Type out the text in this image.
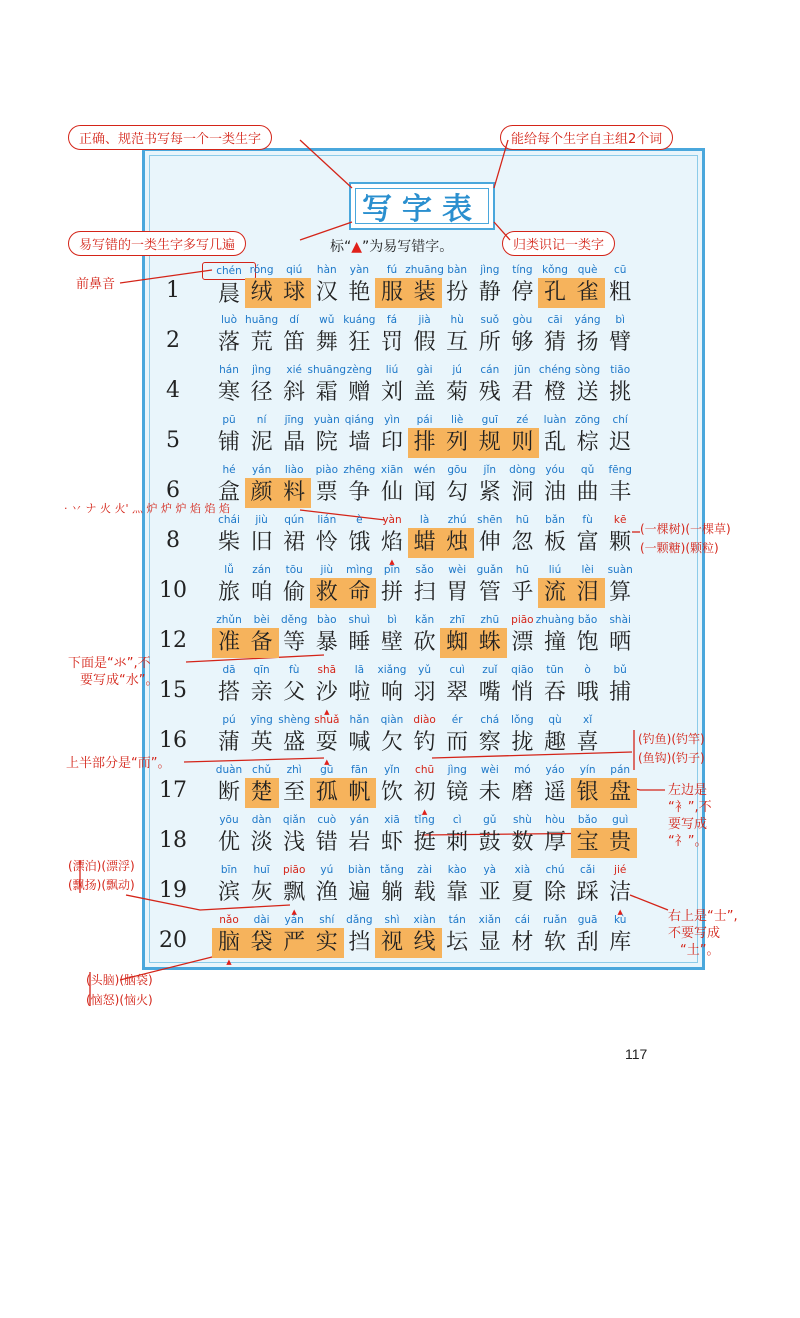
写字表
标“▲”为易写错字。
正确、规范书写每一个一类生字	能给每个生字自主组2个词
易写错的一类生字多写几遍	归类识记一类字
前鼻音
· 丷 ナ 火 火' 灬 炉 炉 炉 焰 焰 焰
(一棵树)(一棵草)
(一颗糖)(颗粒)
下面是“氺”,不
要写成“水”。
上半部分是“而”。
(钓鱼)(钓竿)
(鱼钩)(钓子)
左边是
“衤”,不
要写成
“礻”。
(漂泊)(漂浮)
(飘扬)(飘动)
右上是“士”,
不要写成
“土”。
(头脑)(脑袋)
(恼怒)(恼火)
1
chén
晨
róng
绒
qiú
球
hàn
汉
yàn
艳
fú
服
zhuāng
装
bàn
扮
jìng
静
tíng
停
kǒng
孔
què
雀
cū
粗
2
luò
落
huāng
荒
dí
笛
wǔ
舞
kuáng
狂
fá
罚
jià
假
hù
互
suǒ
所
gòu
够
cāi
猜
yáng
扬
bì
臂
4
hán
寒
jìng
径
xié
斜
shuāng
霜
zèng
赠
liú
刘
gài
盖
jú
菊
cán
残
jūn
君
chéng
橙
sòng
送
tiāo
挑
5
pū
铺
ní
泥
jīng
晶
yuàn
院
qiáng
墙
yìn
印
pái
排
liè
列
guī
规
zé
则
luàn
乱
zōng
棕
chí
迟
6
hé
盒
yán
颜
liào
料
piào
票
zhēng
争
xiān
仙
wén
闻
gōu
勾
jǐn
紧
dòng
洞
yóu
油
qǔ
曲
fēng
丰
8
chái
柴
jiù
旧
qún
裙
lián
怜
è
饿
yàn
焰
▲
là
蜡
zhú
烛
shēn
伸
hū
忽
bǎn
板
fù
富
kē
颗
10
lǚ
旅
zán
咱
tōu
偷
jiù
救
mìng
命
pīn
拼
sǎo
扫
wèi
胃
guǎn
管
hū
乎
liú
流
lèi
泪
suàn
算
12
zhǔn
准
bèi
备
děng
等
bào
暴
shuì
睡
bì
壁
kǎn
砍
zhī
蜘
zhū
蛛
piāo
漂
zhuàng
撞
bǎo
饱
shài
晒
15
dā
搭
qīn
亲
fù
父
shā
沙
▲
lā
啦
xiǎng
响
yǔ
羽
cuì
翠
zuǐ
嘴
qiāo
悄
tūn
吞
ò
哦
bǔ
捕
16
pú
蒲
yīng
英
shèng
盛
shuǎ
耍
▲
hǎn
喊
qiàn
欠
diào
钓
ér
而
chá
察
lǒng
拢
qù
趣
xǐ
喜
17
duàn
断
chǔ
楚
zhì
至
gū
孤
fān
帆
yǐn
饮
chū
初
▲
jìng
镜
wèi
未
mó
磨
yáo
遥
yín
银
pán
盘
18
yōu
优
dàn
淡
qiǎn
浅
cuò
错
yán
岩
xiā
虾
tǐng
挺
cì
刺
gǔ
鼓
shù
数
hòu
厚
bǎo
宝
guì
贵
19
bīn
滨
huī
灰
piāo
飘
▲
yú
渔
biàn
遍
tǎng
躺
zài
载
kào
靠
yà
亚
xià
夏
chú
除
cǎi
踩
jié
洁
▲
20
nǎo
脑
▲
dài
袋
yán
严
shí
实
dǎng
挡
shì
视
xiàn
线
tán
坛
xiǎn
显
cái
材
ruǎn
软
guā
刮
kù
库
117
